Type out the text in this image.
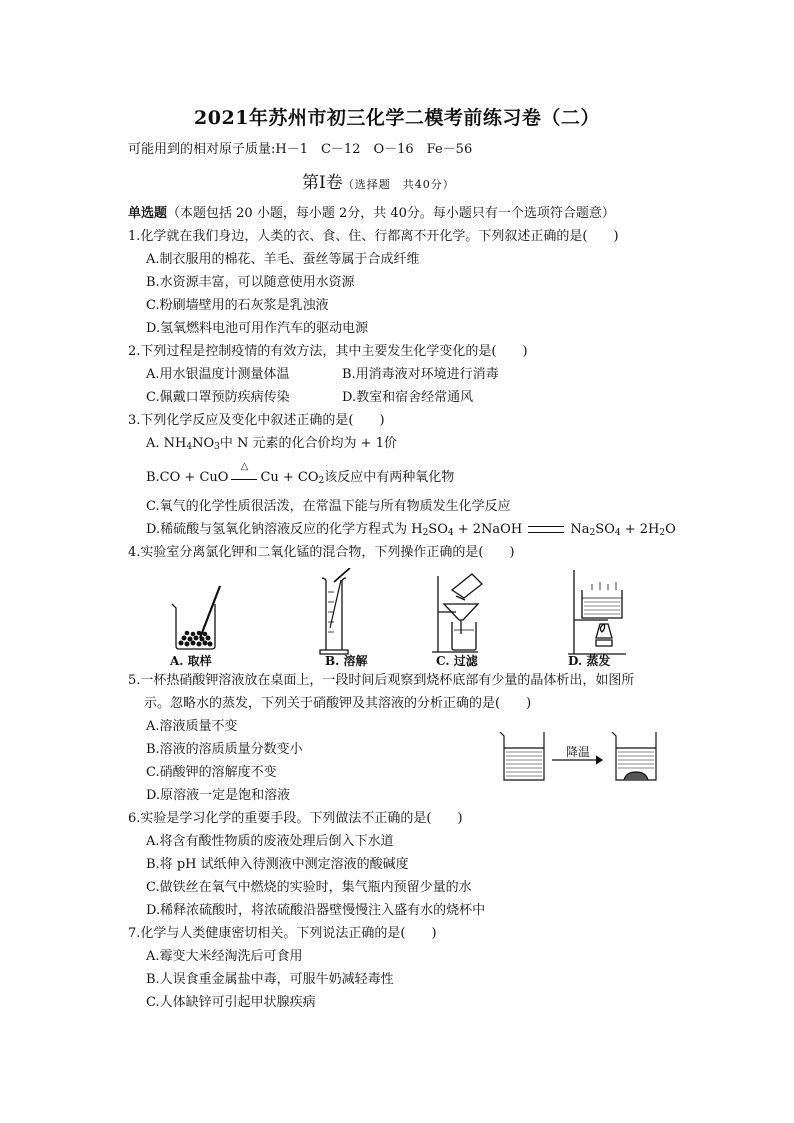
2021年苏州市初三化学二模考前练习卷（二）
可能用到的相对原子质量:H－1　C－12　O－16　Fe－56
第Ⅰ卷（选择题　共40分）
单选题（本题包括 20 小题，每小题 2分，共 40分。每小题只有一个选项符合题意）
1.化学就在我们身边，人类的衣、食、住、行都离不开化学。下列叙述正确的是(　　)
A.制衣服用的棉花、羊毛、蚕丝等属于合成纤维
B.水资源丰富，可以随意使用水资源
C.粉刷墙壁用的石灰浆是乳浊液
D.氢氧燃料电池可用作汽车的驱动电源
2.下列过程是控制疫情的有效方法，其中主要发生化学变化的是(　　)
A.用水银温度计测量体温	B.用消毒液对环境进行消毒
C.佩戴口罩预防疾病传染	D.教室和宿舍经常通风
3.下列化学反应及变化中叙述正确的是(　　)
A. $NH_4NO_3$中 N 元素的化合价均为 + 1价
B.CO + CuO
△
$Cu + CO_2$该反应中有两种氧化物
C.氧气的化学性质很活泼，在常温下能与所有物质发生化学反应
D.稀硫酸与氢氧化钠溶液反应的化学方程式为 $H_2SO_4$ + 2NaOH	$Na_2SO_4 + 2H_2O$
4.实验室分离氯化钾和二氧化锰的混合物，下列操作正确的是(　　)
A. 取样	B. 溶解	C. 过滤	D. 蒸发
5.一杯热硝酸钾溶液放在桌面上，一段时间后观察到烧杯底部有少量的晶体析出，如图所
示。忽略水的蒸发，下列关于硝酸钾及其溶液的分析正确的是(　　)
A.溶液质量不变
B.溶液的溶质质量分数变小
C.硝酸钾的溶解度不变
D.原溶液一定是饱和溶液
降温
6.实验是学习化学的重要手段。下列做法不正确的是(　　)
A.将含有酸性物质的废液处理后倒入下水道
B.将 pH 试纸伸入待测液中测定溶液的酸碱度
C.做铁丝在氧气中燃烧的实验时，集气瓶内预留少量的水
D.稀释浓硫酸时，将浓硫酸沿器壁慢慢注入盛有水的烧杯中
7.化学与人类健康密切相关。下列说法正确的是(　　)
A.霉变大米经淘洗后可食用
B.人误食重金属盐中毒，可服牛奶减轻毒性
C.人体缺锌可引起甲状腺疾病
